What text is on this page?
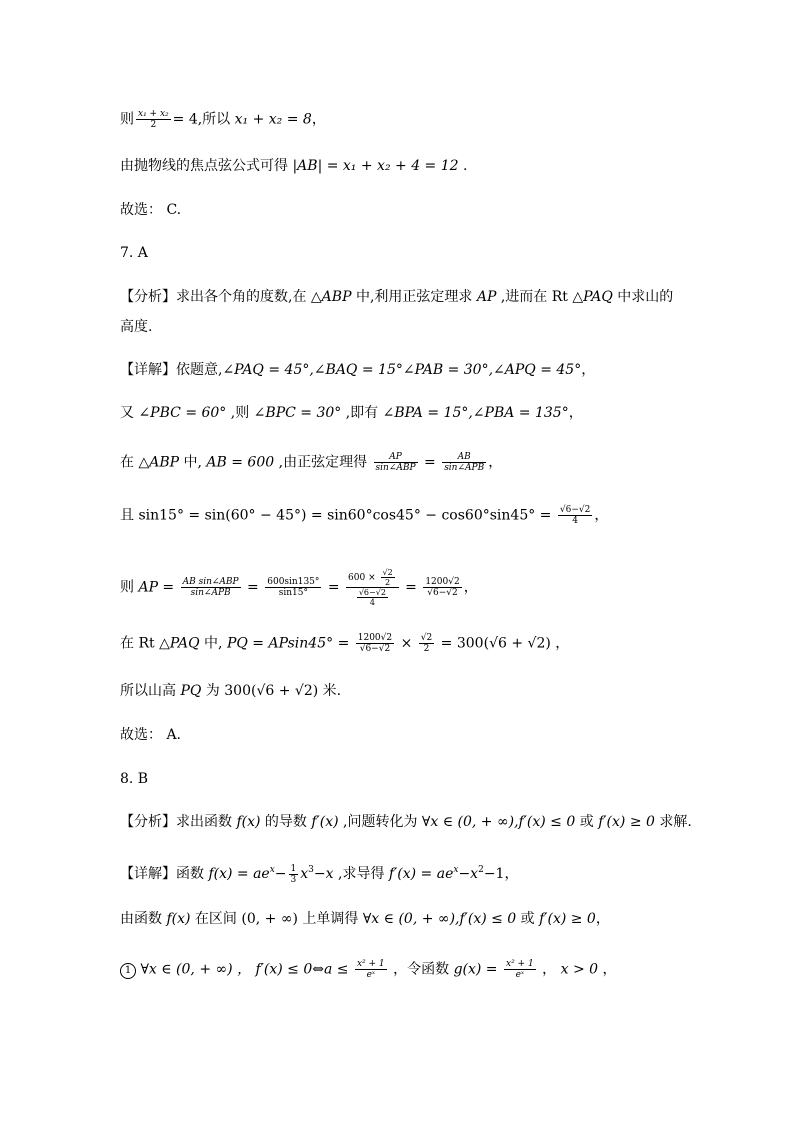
则 $\frac{\text{x₁ + x₂}}{2} = 4$,所以 x₁ + x₂ = 8，
由抛物线的焦点弦公式可得 |AB| = x₁ + x₂ + 4 = 12 .
故选： C.
7. A
【分析】求出各个角的度数,在 △ABP 中,利用正弦定理求 AP ,进而在 Rt △PAQ 中求山的
高度.
【详解】依题意,∠PAQ = 45°,∠BAQ = 15°∠PAB = 30°,∠APQ = 45°，
又 ∠PBC = 60° ,则 ∠BPC = 30° ,即有 ∠BPA = 15°,∠PBA = 135°，
在 △ABP 中, AB = 600 ,由正弦定理得 $\frac{AP}{\text{sin∠ABP}} = \frac{AB}{\text{sin∠APB}}$ ，
且 $\sin 15^\circ = \sin(60^\circ - 45^\circ) = \sin 60^\circ\cos 45^\circ - \cos 60^\circ\sin 45^\circ = \frac{√6-√2}{4}$ ，
则 AP = $\frac{\text{AB sin∠ABP}}{\text{sin∠APB}} = \frac{600\sin 135^\circ}{\sin 15^\circ} = \frac{600 \times \frac{√2}{2}}{\frac{√6-√2}{4}} = \frac{1200√2}{√6-√2}$ ，
在 Rt △PAQ 中, PQ = $APsin45^\circ = \frac{1200√2}{√6-√2} \times \frac{√2}{2} = 300(√6 + √2)$ ，
所以山高 PQ 为 300(√6 + √2) 米.
故选： A.
8. B
【分析】求出函数 f(x) 的导数 f′(x) ,问题转化为 ∀x ∈ (0, + ∞),f′(x) ≤ 0 或 f′(x) ≥ 0 求解.
【详解】函数 $f(x) = ae^x- \frac{1}{3} x^3-x$ ,求导得 $f'(x) = ae^x-x^2-1$，
由函数 f(x) 在区间 (0, + ∞) 上单调得 ∀x ∈ (0, + ∞),f′(x) ≤ 0 或 f′(x) ≥ 0，
1 ∀x ∈ (0, + ∞) ， f′(x) ≤ 0⇔a ≤ $\frac{\text{x² + 1}}{\text{eˣ}}$ ，令函数 $g(x) = \frac{\text{x² + 1}}{\text{eˣ}}$ ， x > 0 ，
